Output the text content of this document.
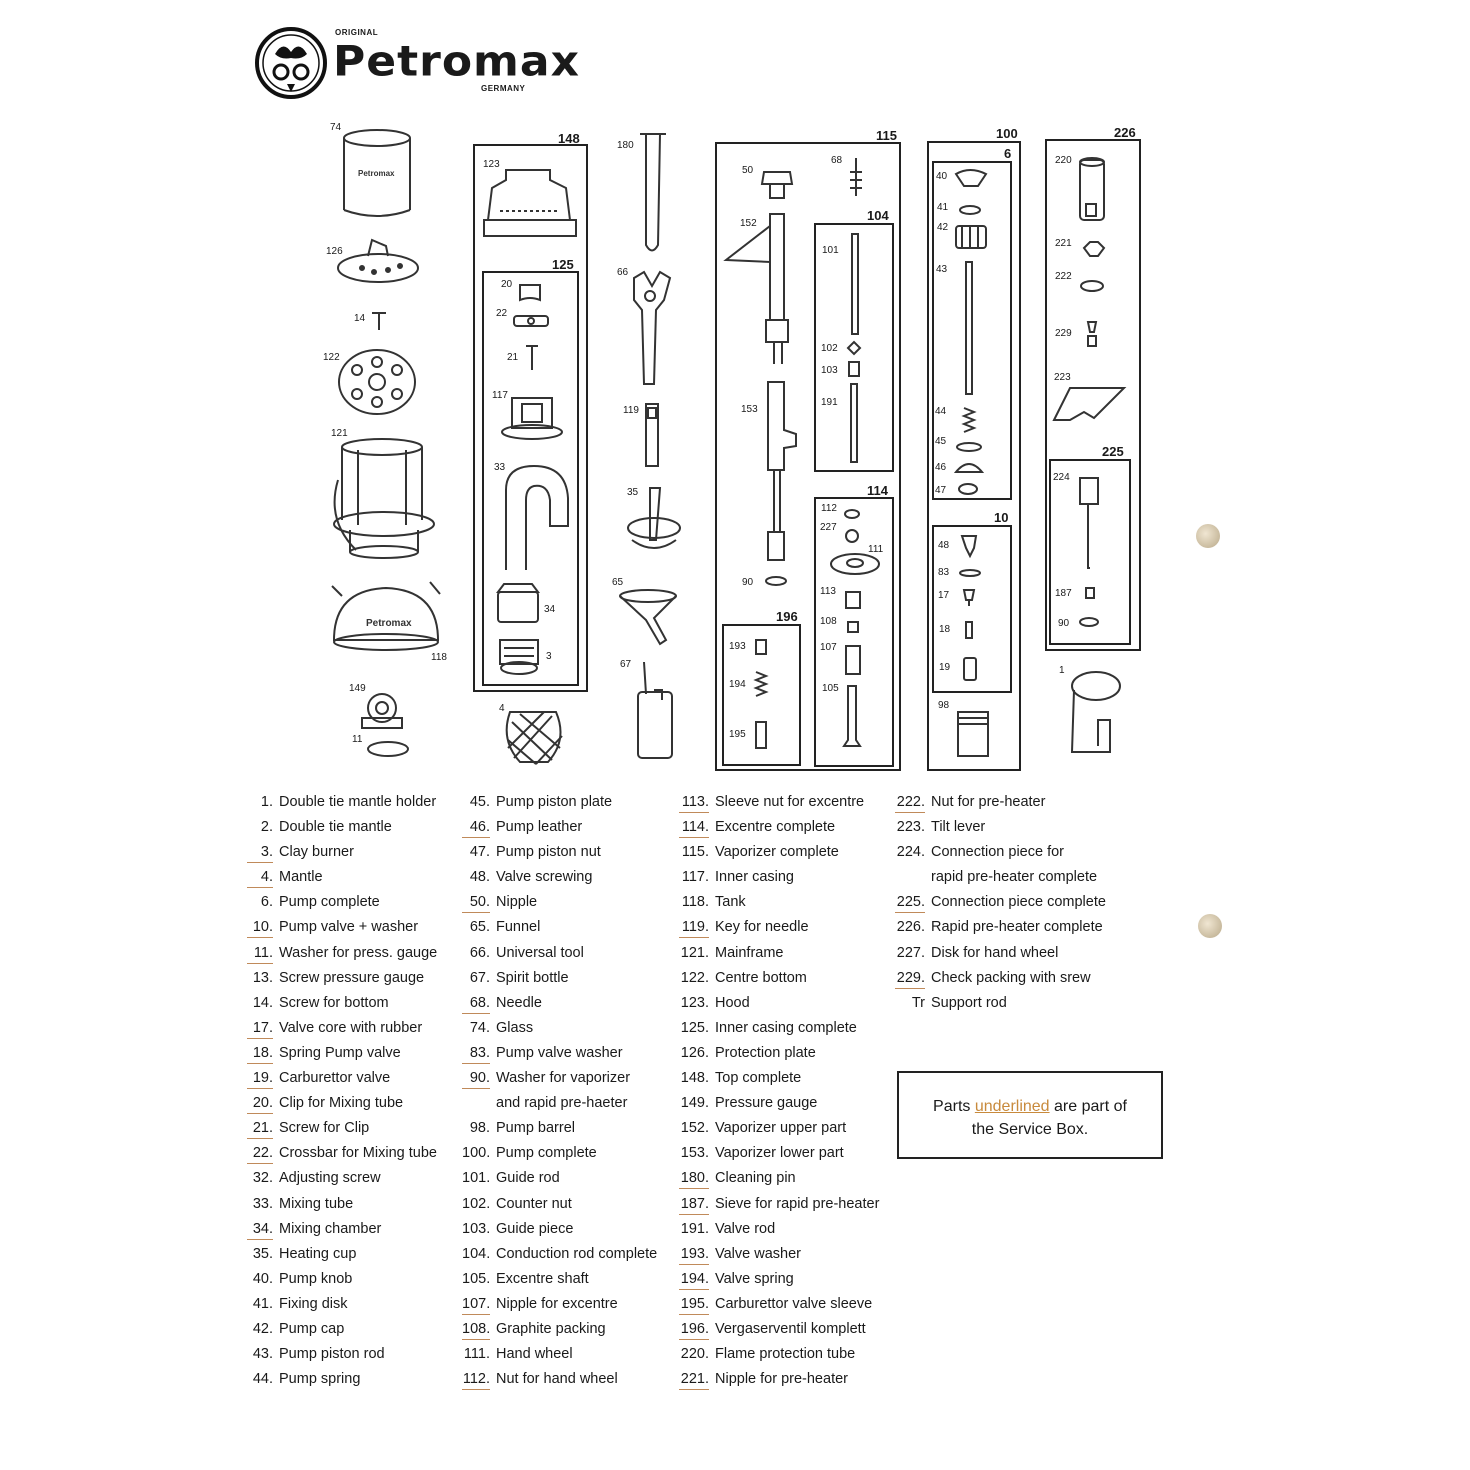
ORIGINAL
Petromax
GERMANY
148
125
115
104
114
196
100
6
10
226
225
74
126
14
122
121
118
149
11
123
20
22
21
117
33
34
3
4
180
66
119
35
65
67
50
68
152
101
102
103
191
153
112
227
111
113
108
107
105
90
193
194
195
40
41
42
43
44
45
46
47
48
83
17
18
19
98
220
221
222
229
223
224
187
90
1
Petromax
Petromax
1. Double tie mantle holder
2. Double tie mantle
3. Clay burner
4. Mantle
6. Pump complete
10. Pump valve + washer
11. Washer for press. gauge
13. Screw pressure gauge
14. Screw for bottom
17. Valve core with rubber
18. Spring Pump valve
19. Carburettor valve
20. Clip for Mixing tube
21. Screw for Clip
22. Crossbar for Mixing tube
32. Adjusting screw
33. Mixing tube
34. Mixing chamber
35. Heating cup
40. Pump knob
41. Fixing disk
42. Pump cap
43. Pump piston rod
44. Pump spring
45. Pump piston plate
46. Pump leather
47. Pump piston nut
48. Valve screwing
50. Nipple
65. Funnel
66. Universal tool
67. Spirit bottle
68. Needle
74. Glass
83. Pump valve washer
90. Washer for vaporizer
and rapid pre-haeter
98. Pump barrel
100. Pump complete
101. Guide rod
102. Counter nut
103. Guide piece
104. Conduction rod complete
105. Excentre shaft
107. Nipple for excentre
108. Graphite packing
111. Hand wheel
112. Nut for hand wheel
113. Sleeve nut for excentre
114. Excentre complete
115. Vaporizer complete
117. Inner casing
118. Tank
119. Key for needle
121. Mainframe
122. Centre bottom
123. Hood
125. Inner casing complete
126. Protection plate
148. Top complete
149. Pressure gauge
152. Vaporizer upper part
153. Vaporizer lower part
180. Cleaning pin
187. Sieve for rapid pre-heater
191. Valve rod
193. Valve washer
194. Valve spring
195. Carburettor valve sleeve
196. Vergaserventil komplett
220. Flame protection tube
221. Nipple for pre-heater
222. Nut for pre-heater
223. Tilt lever
224. Connection piece for
rapid pre-heater complete
225. Connection piece complete
226. Rapid pre-heater complete
227. Disk for hand wheel
229. Check packing with srew
Tr Support rod
Parts underlined are part of
the Service Box.
